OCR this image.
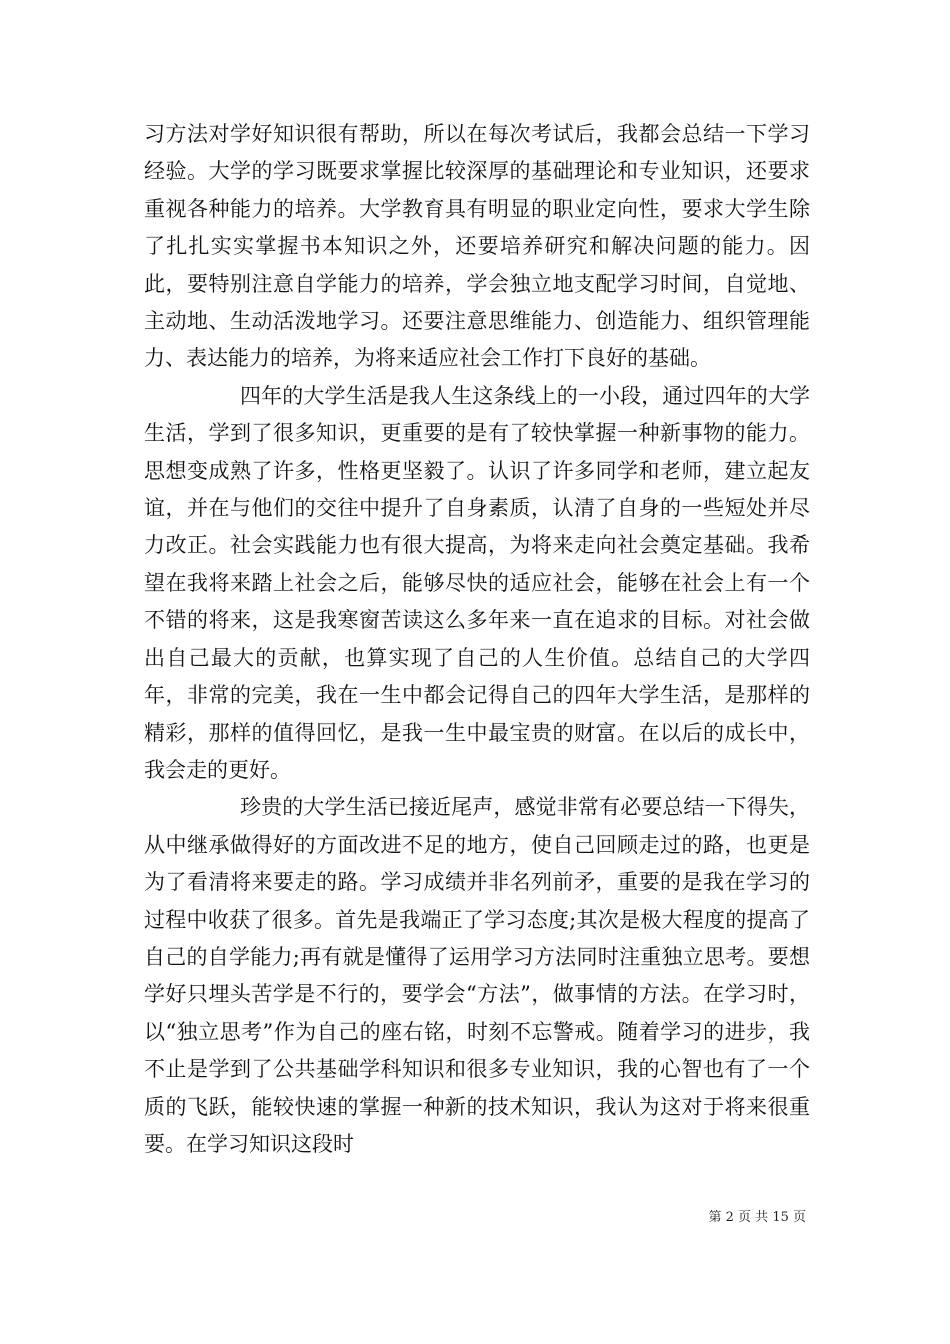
习方法对学好知识很有帮助，所以在每次考试后，我都会总结一下学习经验。大学的学习既要求掌握比较深厚的基础理论和专业知识，还要求重视各种能力的培养。大学教育具有明显的职业定向性，要求大学生除了扎扎实实掌握书本知识之外，还要培养研究和解决问题的能力。因此，要特别注意自学能力的培养，学会独立地支配学习时间，自觉地、主动地、生动活泼地学习。还要注意思维能力、创造能力、组织管理能力、表达能力的培养，为将来适应社会工作打下良好的基础。

四年的大学生活是我人生这条线上的一小段，通过四年的大学生活，学到了很多知识，更重要的是有了较快掌握一种新事物的能力。思想变成熟了许多，性格更坚毅了。认识了许多同学和老师，建立起友谊，并在与他们的交往中提升了自身素质，认清了自身的一些短处并尽力改正。社会实践能力也有很大提高，为将来走向社会奠定基础。我希望在我将来踏上社会之后，能够尽快的适应社会，能够在社会上有一个不错的将来，这是我寒窗苦读这么多年来一直在追求的目标。对社会做出自己最大的贡献，也算实现了自己的人生价值。总结自己的大学四年，非常的完美，我在一生中都会记得自己的四年大学生活，是那样的精彩，那样的值得回忆，是我一生中最宝贵的财富。在以后的成长中，我会走的更好。

珍贵的大学生活已接近尾声，感觉非常有必要总结一下得失，从中继承做得好的方面改进不足的地方，使自己回顾走过的路，也更是为了看清将来要走的路。学习成绩并非名列前矛，重要的是我在学习的过程中收获了很多。首先是我端正了学习态度;其次是极大程度的提高了自己的自学能力;再有就是懂得了运用学习方法同时注重独立思考。要想学好只埋头苦学是不行的，要学会“方法”，做事情的方法。在学习时，以“独立思考”作为自己的座右铭，时刻不忘警戒。随着学习的进步，我不止是学到了公共基础学科知识和很多专业知识，我的心智也有了一个质的飞跃，能较快速的掌握一种新的技术知识，我认为这对于将来很重要。在学习知识这段时

第 2 页 共 15 页
